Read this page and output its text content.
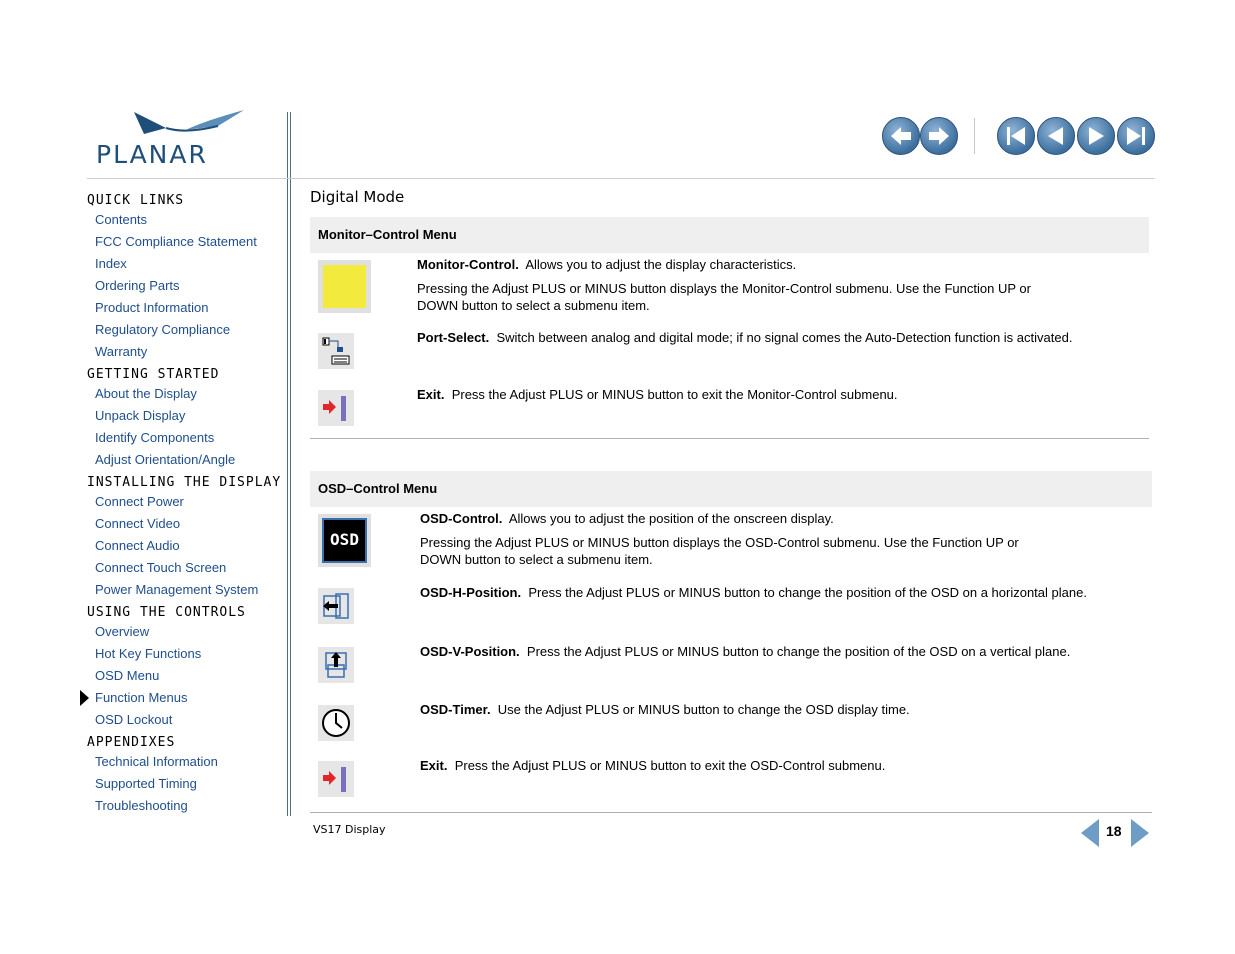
PLANAR
QUICK LINKS
Contents
FCC Compliance Statement
Index
Ordering Parts
Product Information
Regulatory Compliance
Warranty
GETTING STARTED
About the Display
Unpack Display
Identify Components
Adjust Orientation/Angle
INSTALLING THE DISPLAY
Connect Power
Connect Video
Connect Audio
Connect Touch Screen
Power Management System
USING THE CONTROLS
Overview
Hot Key Functions
OSD Menu
Function Menus
OSD Lockout
APPENDIXES
Technical Information
Supported Timing
Troubleshooting
Digital Mode
Monitor–Control Menu
Monitor-Control. Allows you to adjust the display characteristics.
Pressing the Adjust PLUS or MINUS button displays the Monitor-Control submenu. Use the Function UP or
DOWN button to select a submenu item.
Port-Select. Switch between analog and digital mode; if no signal comes the Auto-Detection function is activated.
Exit. Press the Adjust PLUS or MINUS button to exit the Monitor-Control submenu.
OSD–Control Menu
OSD
OSD-Control. Allows you to adjust the position of the onscreen display.
Pressing the Adjust PLUS or MINUS button displays the OSD-Control submenu. Use the Function UP or
DOWN button to select a submenu item.
OSD-H-Position. Press the Adjust PLUS or MINUS button to change the position of the OSD on a horizontal plane.
OSD-V-Position. Press the Adjust PLUS or MINUS button to change the position of the OSD on a vertical plane.
OSD-Timer. Use the Adjust PLUS or MINUS button to change the OSD display time.
Exit. Press the Adjust PLUS or MINUS button to exit the OSD-Control submenu.
VS17 Display	18
